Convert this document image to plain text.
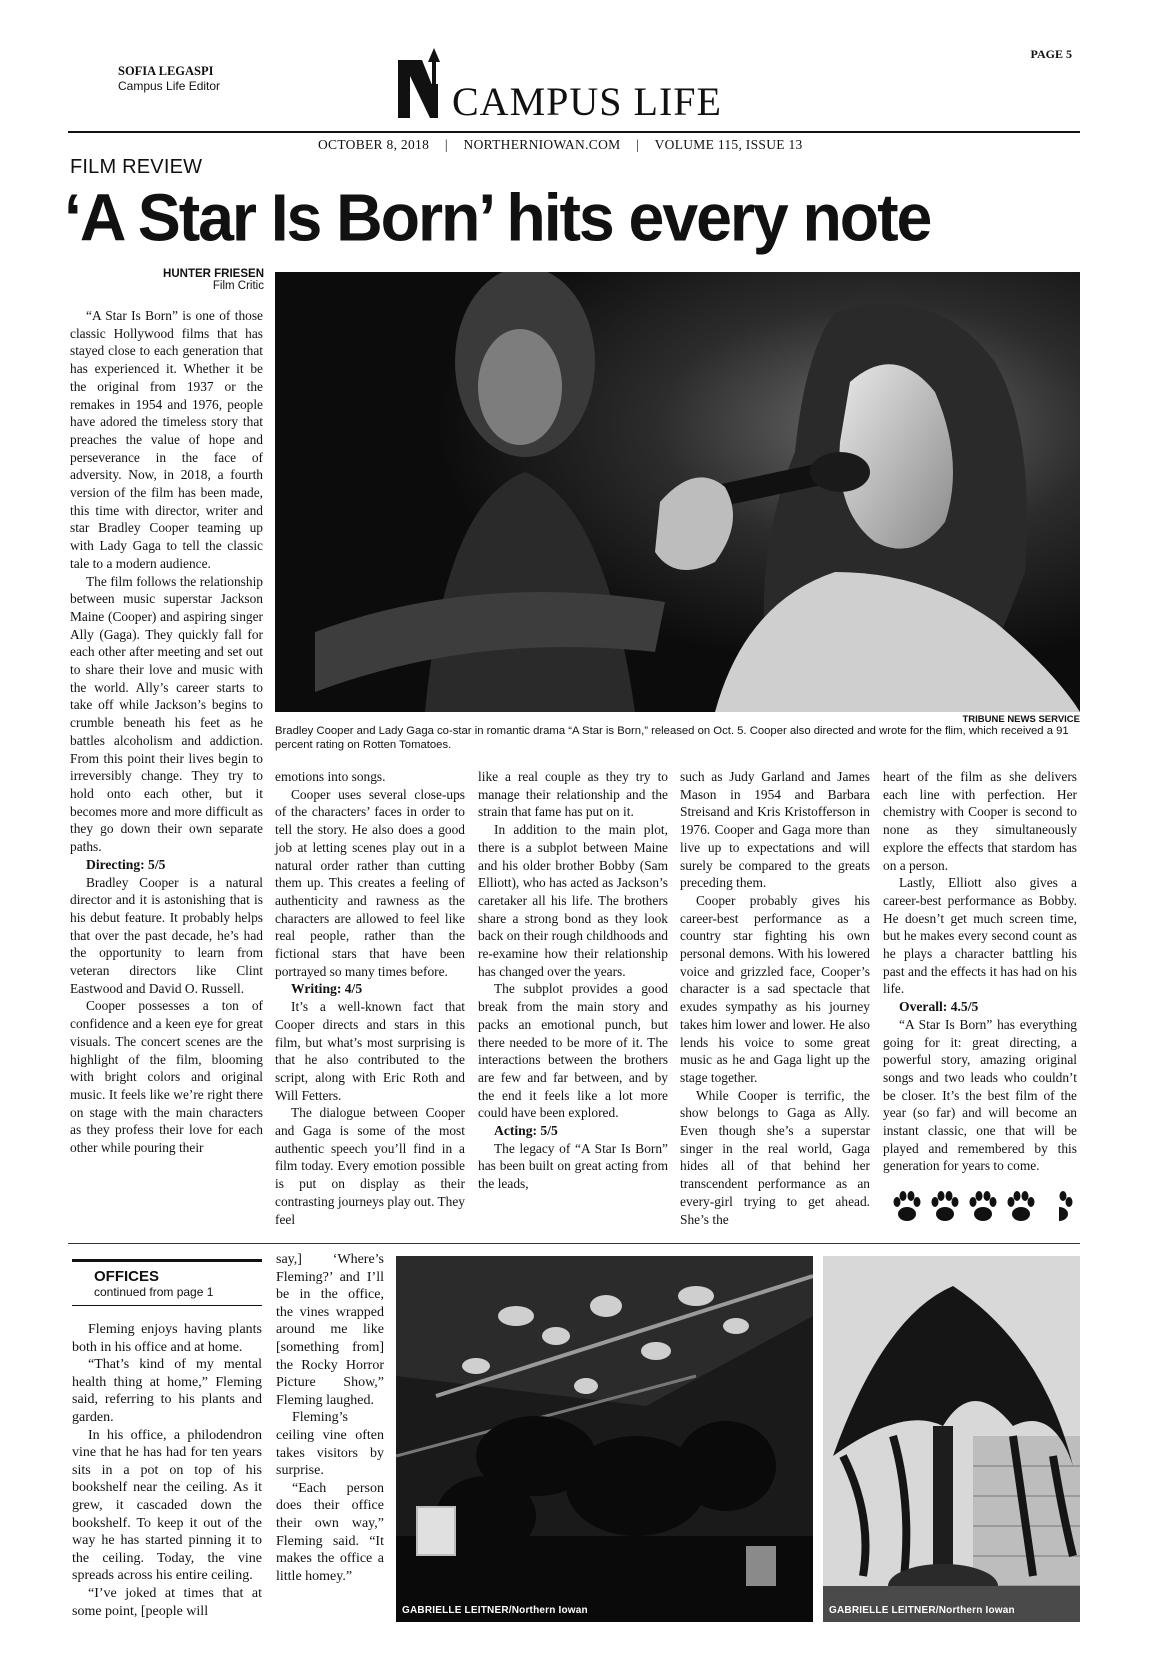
PAGE 5
SOFIA LEGASPI
Campus Life Editor	CAMPUS LIFE
OCTOBER 8, 2018 | NORTHERNIOWAN.COM | VOLUME 115, ISSUE 13
FILM REVIEW
‘A Star Is Born’ hits every note
HUNTER FRIESEN
Film Critic
TRIBUNE NEWS SERVICE
Bradley Cooper and Lady Gaga co-star in romantic drama “A Star is Born,” released on Oct. 5. Cooper also directed and wrote for the flim, which received a 91 percent rating on Rotten Tomatoes.

“A Star Is Born” is one of those classic Hollywood films that has stayed close to each generation that has experienced it. Whether it be the original from 1937 or the remakes in 1954 and 1976, people have adored the timeless story that preaches the value of hope and perseverance in the face of adversity. Now, in 2018, a fourth version of the film has been made, this time with director, writer and star Bradley Cooper teaming up with Lady Gaga to tell the classic tale to a modern audience.

The film follows the relationship between music superstar Jackson Maine (Cooper) and aspiring singer Ally (Gaga). They quickly fall for each other after meeting and set out to share their love and music with the world. Ally’s career starts to take off while Jackson’s begins to crumble beneath his feet as he battles alcoholism and addiction. From this point their lives begin to irreversibly change. They try to hold onto each other, but it becomes more and more difficult as they go down their own separate paths.

Directing: 5/5

Bradley Cooper is a natural director and it is astonishing that is his debut feature. It probably helps that over the past decade, he’s had the opportunity to learn from veteran directors like Clint Eastwood and David O. Russell.

Cooper possesses a ton of confidence and a keen eye for great visuals. The concert scenes are the highlight of the film, blooming with bright colors and original music. It feels like we’re right there on stage with the main characters as they profess their love for each other while pouring their

emotions into songs.

Cooper uses several close-ups of the characters’ faces in order to tell the story. He also does a good job at letting scenes play out in a natural order rather than cutting them up. This creates a feeling of authenticity and rawness as the characters are allowed to feel like real people, rather than the fictional stars that have been portrayed so many times before.

Writing: 4/5

It’s a well-known fact that Cooper directs and stars in this film, but what’s most surprising is that he also contributed to the script, along with Eric Roth and Will Fetters.

The dialogue between Cooper and Gaga is some of the most authentic speech you’ll find in a film today. Every emotion possible is put on display as their contrasting journeys play out. They feel

like a real couple as they try to manage their relationship and the strain that fame has put on it.

In addition to the main plot, there is a subplot between Maine and his older brother Bobby (Sam Elliott), who has acted as Jackson’s caretaker all his life. The brothers share a strong bond as they look back on their rough childhoods and re-examine how their relationship has changed over the years.

The subplot provides a good break from the main story and packs an emotional punch, but there needed to be more of it. The interactions between the brothers are few and far between, and by the end it feels like a lot more could have been explored.

Acting: 5/5

The legacy of “A Star Is Born” has been built on great acting from the leads,

such as Judy Garland and James Mason in 1954 and Barbara Streisand and Kris Kristofferson in 1976. Cooper and Gaga more than live up to expectations and will surely be compared to the greats preceding them.

Cooper probably gives his career-best performance as a country star fighting his own personal demons. With his lowered voice and grizzled face, Cooper’s character is a sad spectacle that exudes sympathy as his journey takes him lower and lower. He also lends his voice to some great music as he and Gaga light up the stage together.

While Cooper is terrific, the show belongs to Gaga as Ally. Even though she’s a superstar singer in the real world, Gaga hides all of that behind her transcendent performance as an every-girl trying to get ahead. She’s the

heart of the film as she delivers each line with perfection. Her chemistry with Cooper is second to none as they simultaneously explore the effects that stardom has on a person.

Lastly, Elliott also gives a career-best performance as Bobby. He doesn’t get much screen time, but he makes every second count as he plays a character battling his past and the effects it has had on his life.

Overall: 4.5/5

“A Star Is Born” has everything going for it: great directing, a powerful story, amazing original songs and two leads who couldn’t be closer. It’s the best film of the year (so far) and will become an instant classic, one that will be played and remembered by this generation for years to come.

OFFICES
continued from page 1

Fleming enjoys having plants both in his office and at home.

“That’s kind of my mental health thing at home,” Fleming said, referring to his plants and garden.

In his office, a philodendron vine that he has had for ten years sits in a pot on top of his bookshelf near the ceiling. As it grew, it cascaded down the bookshelf. To keep it out of the way he has started pinning it to the ceiling. Today, the vine spreads across his entire ceiling.

“I’ve joked at times that at some point, [people will

say,] ‘Where’s Fleming?’ and I’ll be in the office, the vines wrapped around me like [something from] the Rocky Horror Picture Show,” Fleming laughed.

Fleming’s ceiling vine often takes visitors by surprise.

“Each person does their office their own way,” Fleming said. “It makes the office a little homey.”

GABRIELLE LEITNER/Northern Iowan	GABRIELLE LEITNER/Northern Iowan
